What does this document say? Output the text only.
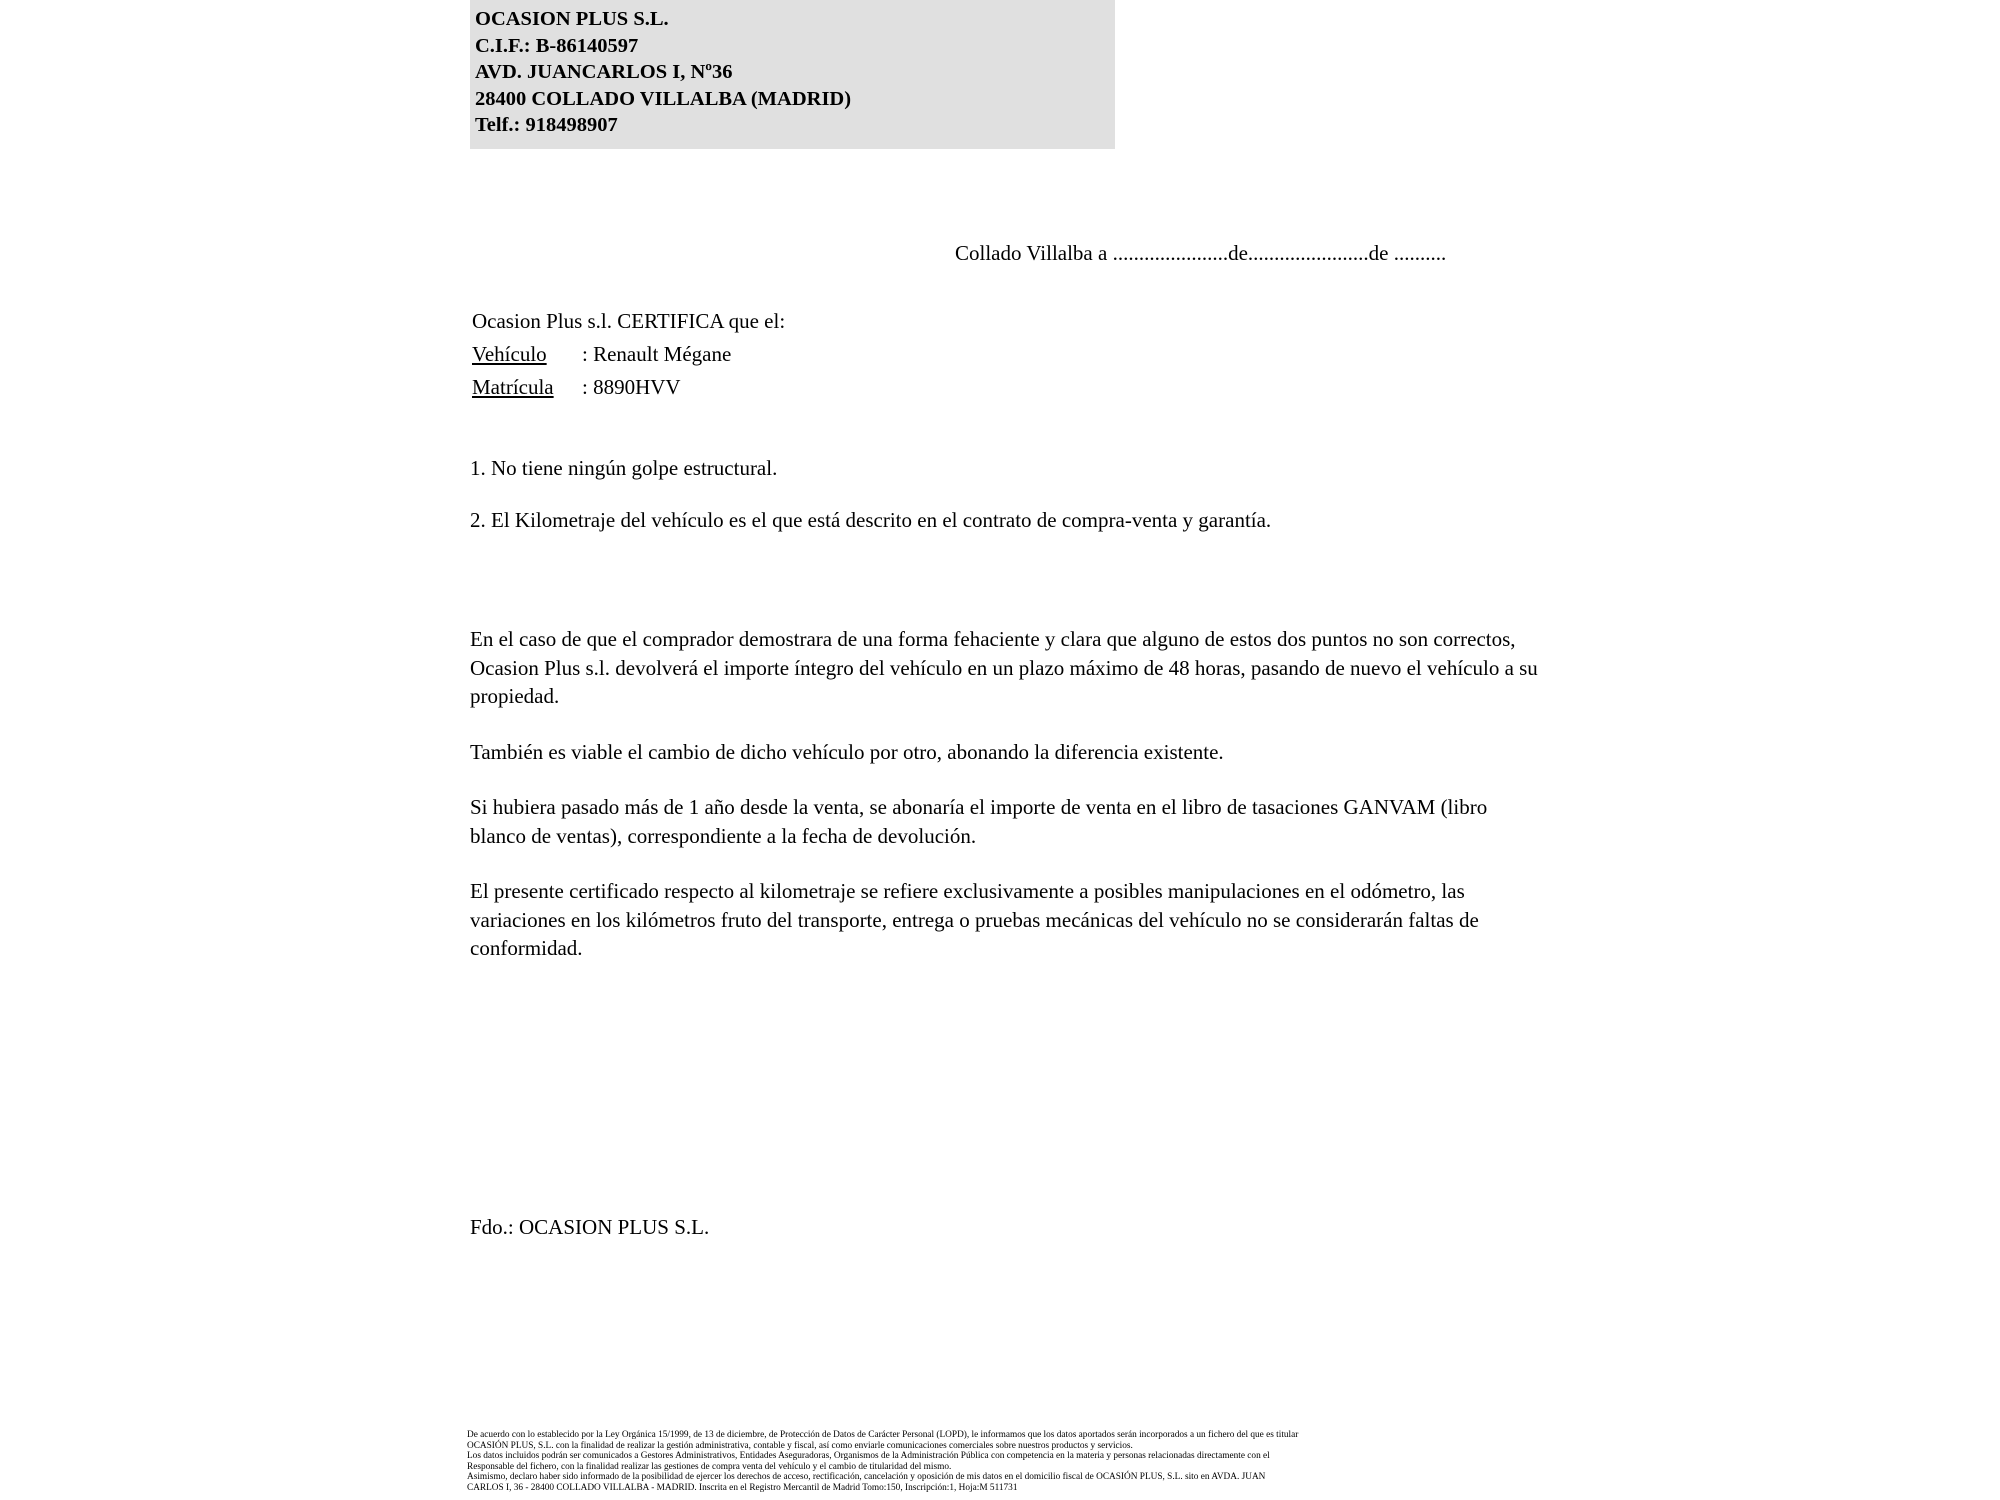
OCASION PLUS S.L.
C.I.F.: B-86140597
AVD. JUANCARLOS I, Nº36
28400 COLLADO VILLALBA (MADRID)
Telf.: 918498907
Collado Villalba a ......................de.......................de ..........
Ocasion Plus s.l. CERTIFICA que el:
Vehículo : Renault Mégane
Matrícula : 8890HVV
1. No tiene ningún golpe estructural.
2. El Kilometraje del vehículo es el que está descrito en el contrato de compra-venta y garantía.

En el caso de que el comprador demostrara de una forma fehaciente y clara que alguno de estos dos puntos no son correctos, Ocasion Plus s.l. devolverá el importe íntegro del vehículo en un plazo máximo de 48 horas, pasando de nuevo el vehículo a su propiedad.

También es viable el cambio de dicho vehículo por otro, abonando la diferencia existente.

Si hubiera pasado más de 1 año desde la venta, se abonaría el importe de venta en el libro de tasaciones GANVAM (libro blanco de ventas), correspondiente a la fecha de devolución.

El presente certificado respecto al kilometraje se refiere exclusivamente a posibles manipulaciones en el odómetro, las variaciones en los kilómetros fruto del transporte, entrega o pruebas mecánicas del vehículo no se considerarán faltas de conformidad.

Fdo.: OCASION PLUS S.L.

De acuerdo con lo establecido por la Ley Orgánica 15/1999, de 13 de diciembre, de Protección de Datos de Carácter Personal (LOPD), le informamos que los datos aportados serán incorporados a un fichero del que es titular

OCASIÓN PLUS, S.L. con la finalidad de realizar la gestión administrativa, contable y fiscal, así como enviarle comunicaciones comerciales sobre nuestros productos y servicios.

Los datos incluidos podrán ser comunicados a Gestores Administrativos, Entidades Aseguradoras, Organismos de la Administración Pública con competencia en la materia y personas relacionadas directamente con el

Responsable del fichero, con la finalidad realizar las gestiones de compra venta del vehículo y el cambio de titularidad del mismo.

Asimismo, declaro haber sido informado de la posibilidad de ejercer los derechos de acceso, rectificación, cancelación y oposición de mis datos en el domicilio fiscal de OCASIÓN PLUS, S.L. sito en AVDA. JUAN

CARLOS I, 36 - 28400 COLLADO VILLALBA - MADRID. Inscrita en el Registro Mercantil de Madrid Tomo:150, Inscripción:1, Hoja:M 511731
